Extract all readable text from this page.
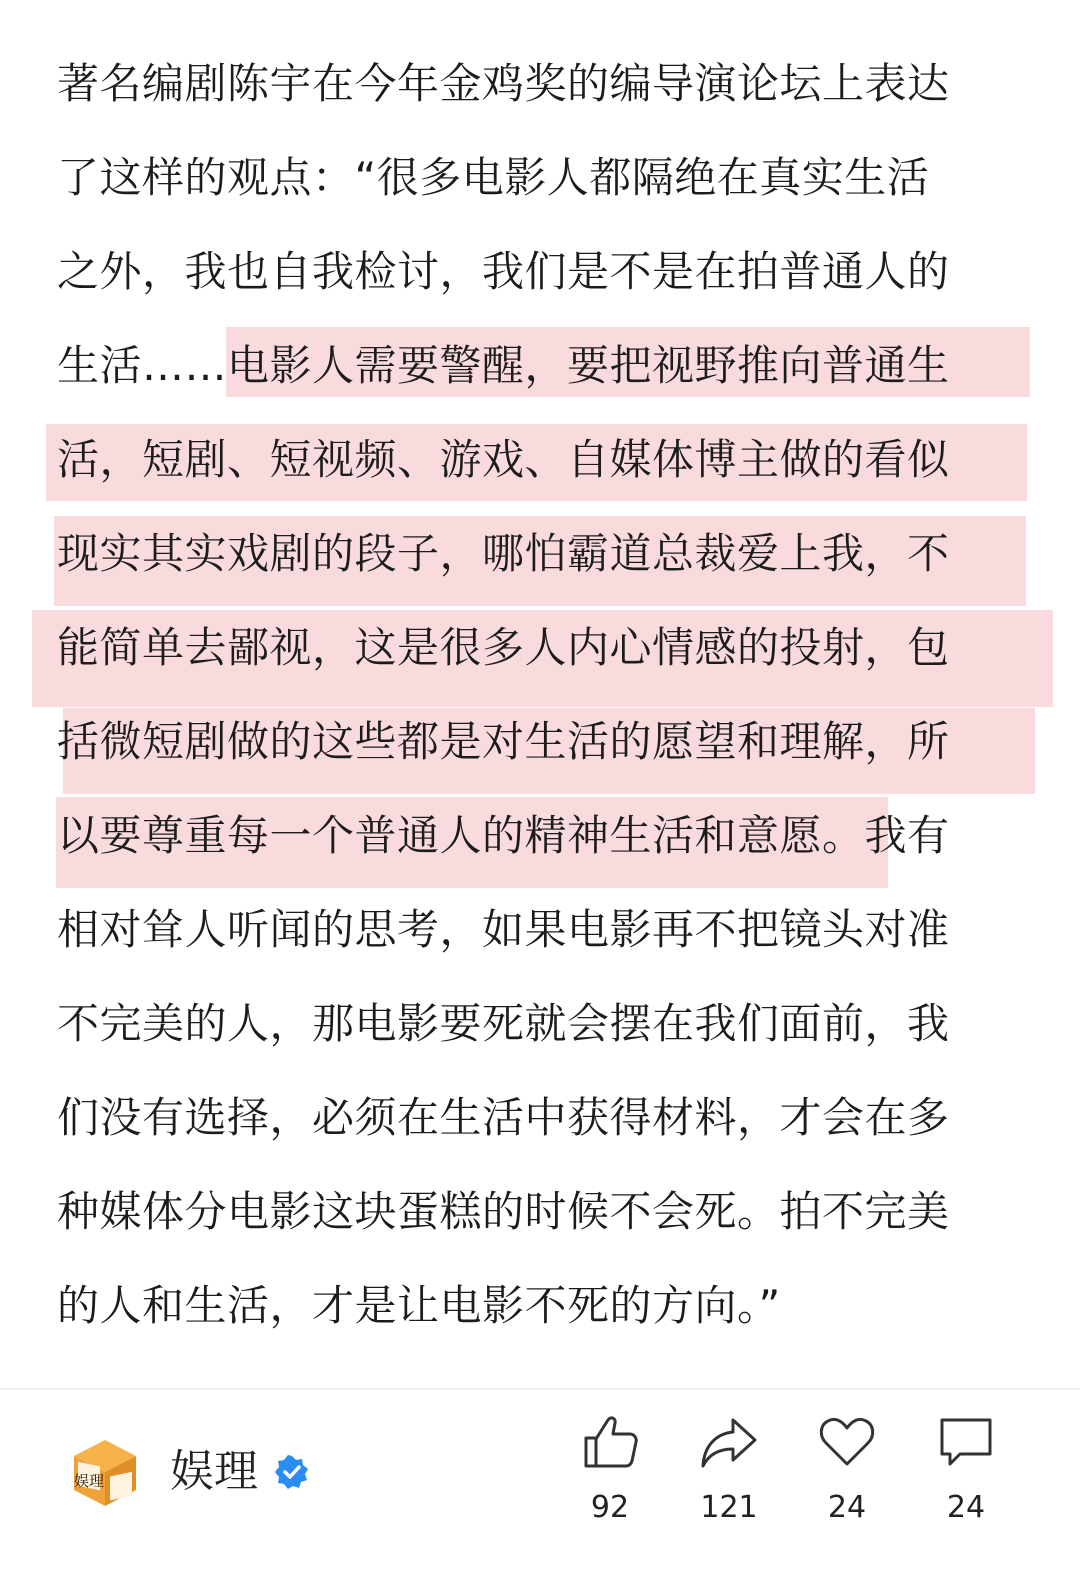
著名编剧陈宇在今年金鸡奖的编导演论坛上表达
了这样的观点：“很多电影人都隔绝在真实生活
之外，我也自我检讨，我们是不是在拍普通人的
生活……电影人需要警醒，要把视野推向普通生
活，短剧、短视频、游戏、自媒体博主做的看似
现实其实戏剧的段子，哪怕霸道总裁爱上我，不
能简单去鄙视，这是很多人内心情感的投射，包
括微短剧做的这些都是对生活的愿望和理解，所
以要尊重每一个普通人的精神生活和意愿。我有
相对耸人听闻的思考，如果电影再不把镜头对准
不完美的人，那电影要死就会摆在我们面前，我
们没有选择，必须在生活中获得材料，才会在多
种媒体分电影这块蛋糕的时候不会死。拍不完美
的人和生活，才是让电影不死的方向。”
娱理 娱理
92	121	24	24
